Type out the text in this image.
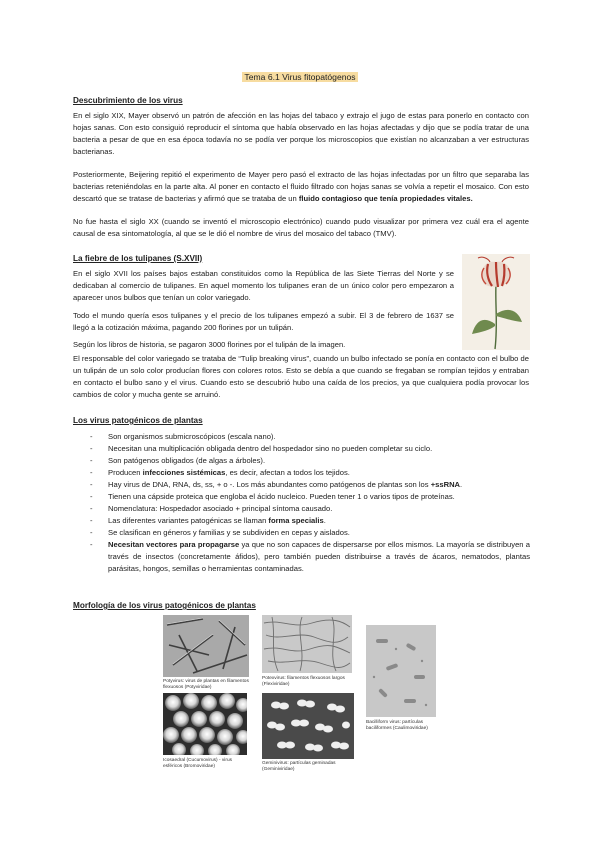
Tema 6.1 Virus fitopatógenos
Descubrimiento de los virus
En el siglo XIX, Mayer observó un patrón de afección en las hojas del tabaco y extrajo el jugo de estas para ponerlo en contacto con hojas sanas. Con esto consiguió reproducir el síntoma que había observado en las hojas afectadas y dijo que se podía tratar de una bacteria a pesar de que en esa época todavía no se podía ver porque los microscopios que existían no alcanzaban a ver estructuras bacterianas.
Posteriormente, Beijering repitió el experimento de Mayer pero pasó el extracto de las hojas infectadas por un filtro que separaba las bacterias reteniéndolas en la parte alta. Al poner en contacto el fluido filtrado con hojas sanas se volvía a repetir el mosaico. Con esto descartó que se tratase de bacterias y afirmó que se trataba de un fluido contagioso que tenía propiedades vitales.
No fue hasta el siglo XX (cuando se inventó el microscopio electrónico) cuando pudo visualizar por primera vez cuál era el agente causal de esa sintomatología, al que se le dió el nombre de virus del mosaico del tabaco (TMV).
La fiebre de los tulipanes (S.XVII)
En el siglo XVII los países bajos estaban constituidos como la República de las Siete Tierras del Norte y se dedicaban al comercio de tulipanes. En aquel momento los tulipanes eran de un único color pero empezaron a aparecer unos bulbos que tenían un color variegado.
Todo el mundo quería esos tulipanes y el precio de los tulipanes empezó a subir. El 3 de febrero de 1637 se llegó a la cotización máxima, pagando 200 florines por un tulipán.
Según los libros de historia, se pagaron 3000 florines por el tulipán de la imagen.
El responsable del color variegado se trataba de “Tulip breaking virus”, cuando un bulbo infectado se ponía en contacto con el bulbo de un tulipán de un solo color producían flores con colores rotos. Esto se debía a que cuando se fregaban se rompían tejidos y entraban en contacto el bulbo sano y el virus. Cuando esto se descubrió hubo una caída de los precios, ya que cualquiera podía provocar los cambios de color y mucha gente se arruinó.
Los virus patogénicos de plantas
- Son organismos submicroscópicos (escala nano).
- Necesitan una multiplicación obligada dentro del hospedador sino no pueden completar su ciclo.
- Son patógenos obligados (de algas a árboles).
- Producen infecciones sistémicas, es decir, afectan a todos los tejidos.
- Hay virus de DNA, RNA, ds, ss, + o -. Los más abundantes como patógenos de plantas son los +ssRNA.
- Tienen una cápside proteica que engloba el ácido nucleico. Pueden tener 1 o varios tipos de proteínas.
- Nomenclatura: Hospedador asociado + principal síntoma causado.
- Las diferentes variantes patogénicas se llaman forma specialis.
- Se clasifican en géneros y familias y se subdividen en cepas y aislados.
- Necesitan vectores para propagarse ya que no son capaces de dispersarse por ellos mismos. La mayoría se distribuyen a través de insectos (concretamente áfidos), pero también pueden distribuirse a través de ácaros, nematodos, plantas parásitas, hongos, semillas o herramientas contaminadas.
Morfología de los virus patogénicos de plantas
Potyvirus: virus de plantas en filamentos flexuosos (Potyviridae)
Potexvirus: filamentos flexuosos largos (Flexiviridae)
Icosaedral (Cucumovirus) - virus esféricos (Bromoviridae)
Geminivirus: partículas geminadas (Geminiviridae)
Bacilliform virus: partículas baciliformes (Caulimoviridae)
